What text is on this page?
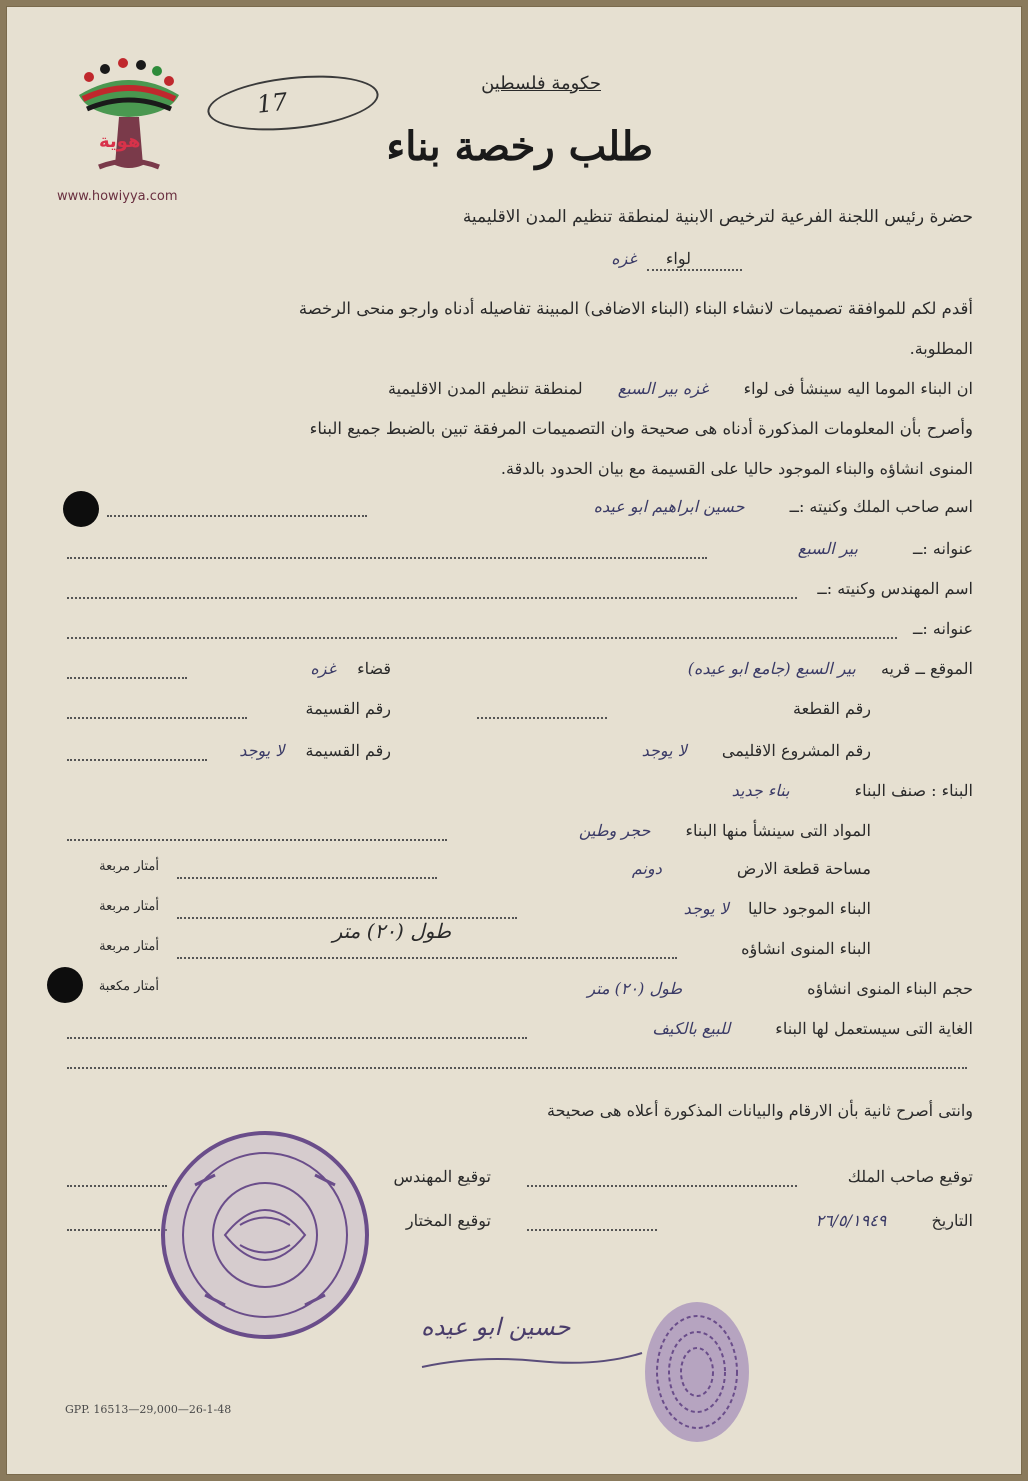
هوية
www.howiyya.com
17
حكومة فلسطين
طلب رخصة بناء
حضرة رئيس اللجنة الفرعية لترخيص الابنية لمنطقة تنظيم المدن الاقليمية
لواء غزه
أقدم لكم للموافقة تصميمات لانشاء البناء (البناء الاضافى) المبينة تفاصيله أدناه وارجو منحى الرخصة
المطلوبة.
ان البناء الموما اليه سينشأ فى لواء غزه بير السبع لمنطقة تنظيم المدن الاقليمية
وأصرح بأن المعلومات المذكورة أدناه هى صحيحة وان التصميمات المرفقة تبين بالضبط جميع البناء
المنوى انشاؤه والبناء الموجود حاليا على القسيمة مع بيان الحدود بالدقة.
اسم صاحب الملك وكنيته :ــ حسين ابراهيم ابو عيده
عنوانه :ــ بير السبع
اسم المهندس وكنيته :ــ
عنوانه :ــ
الموقع ــ قريه بير السبع (جامع ابو عيده)
قضاء غزه
رقم القطعة
رقم القسيمة
رقم المشروع الاقليمى لا يوجد
رقم القسيمة لا يوجد
البناء : صنف البناء بناء جديد
المواد التى سينشأ منها البناء حجر وطين
مساحة قطعة الارض دونم
أمتار مربعة
البناء الموجود حاليا لا يوجد
أمتار مربعة
طول (٢٠) متر
البناء المنوى انشاؤه
أمتار مربعة
حجم البناء المنوى انشاؤه طول (٢٠) متر
أمتار مكعبة
الغاية التى سيستعمل لها البناء للبيع بالكيف
وانتى أصرح ثانية بأن الارقام والبيانات المذكورة أعلاه هى صحيحة
توقيع صاحب الملك
توقيع المهندس
التاريخ ٢٦/٥/١٩٤٩
توقيع المختار
حسين ابو عيده
GPP. 16513—29,000—26-1-48
